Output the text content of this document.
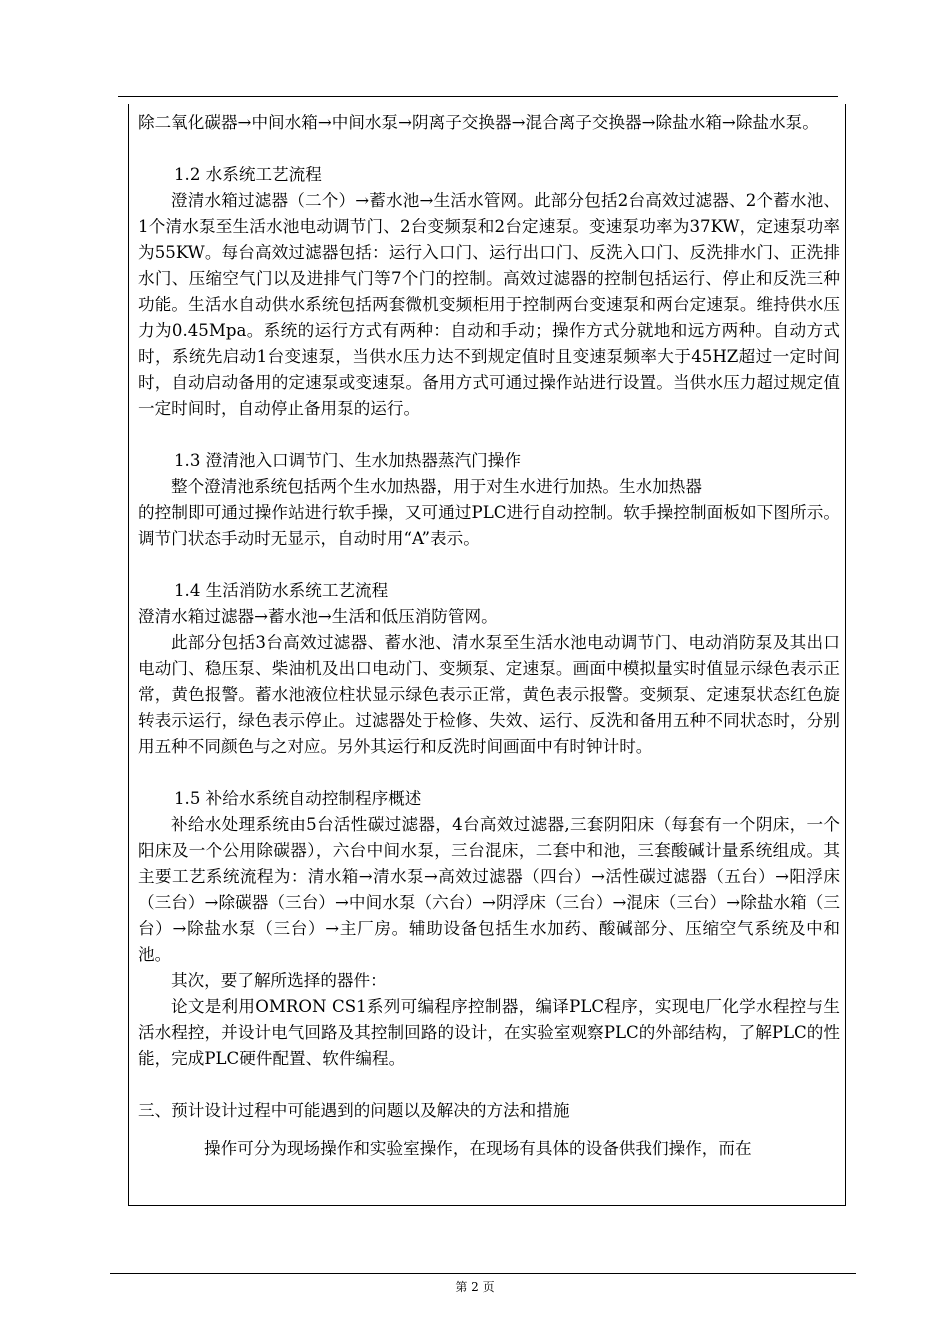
除二氧化碳器→中间水箱→中间水泵→阴离子交换器→混合离子交换器→除盐水箱→除盐水泵。

1.2 水系统工艺流程

澄清水箱过滤器（二个）→蓄水池→生活水管网。此部分包括2台高效过滤器、2个蓄水池、1个清水泵至生活水池电动调节门、2台变频泵和2台定速泵。变速泵功率为37KW，定速泵功率为55KW。每台高效过滤器包括：运行入口门、运行出口门、反洗入口门、反洗排水门、正洗排水门、压缩空气门以及进排气门等7个门的控制。高效过滤器的控制包括运行、停止和反洗三种功能。生活水自动供水系统包括两套微机变频柜用于控制两台变速泵和两台定速泵。维持供水压力为0.45Mpa。系统的运行方式有两种：自动和手动；操作方式分就地和远方两种。自动方式时，系统先启动1台变速泵，当供水压力达不到规定值时且变速泵频率大于45HZ超过一定时间时，自动启动备用的定速泵或变速泵。备用方式可通过操作站进行设置。当供水压力超过规定值一定时间时，自动停止备用泵的运行。

1.3 澄清池入口调节门、生水加热器蒸汽门操作

整个澄清池系统包括两个生水加热器，用于对生水进行加热。生水加热器

的控制即可通过操作站进行软手操，又可通过PLC进行自动控制。软手操控制面板如下图所示。调节门状态手动时无显示，自动时用“A”表示。

1.4 生活消防水系统工艺流程

澄清水箱过滤器→蓄水池→生活和低压消防管网。

此部分包括3台高效过滤器、蓄水池、清水泵至生活水池电动调节门、电动消防泵及其出口电动门、稳压泵、柴油机及出口电动门、变频泵、定速泵。画面中模拟量实时值显示绿色表示正常，黄色报警。蓄水池液位柱状显示绿色表示正常，黄色表示报警。变频泵、定速泵状态红色旋转表示运行，绿色表示停止。过滤器处于检修、失效、运行、反洗和备用五种不同状态时，分别用五种不同颜色与之对应。另外其运行和反洗时间画面中有时钟计时。

1.5 补给水系统自动控制程序概述

补给水处理系统由5台活性碳过滤器，4台高效过滤器,三套阴阳床（每套有一个阴床，一个阳床及一个公用除碳器），六台中间水泵，三台混床，二套中和池，三套酸碱计量系统组成。其主要工艺系统流程为：清水箱→清水泵→高效过滤器（四台）→活性碳过滤器（五台）→阳浮床（三台）→除碳器（三台）→中间水泵（六台）→阴浮床（三台）→混床（三台）→除盐水箱（三台）→除盐水泵（三台）→主厂房。辅助设备包括生水加药、酸碱部分、压缩空气系统及中和池。

其次，要了解所选择的器件：

论文是利用OMRON CS1系列可编程序控制器，编译PLC程序，实现电厂化学水程控与生活水程控，并设计电气回路及其控制回路的设计，在实验室观察PLC的外部结构，了解PLC的性能，完成PLC硬件配置、软件编程。

三、预计设计过程中可能遇到的问题以及解决的方法和措施

操作可分为现场操作和实验室操作，在现场有具体的设备供我们操作，而在

第 2 页
